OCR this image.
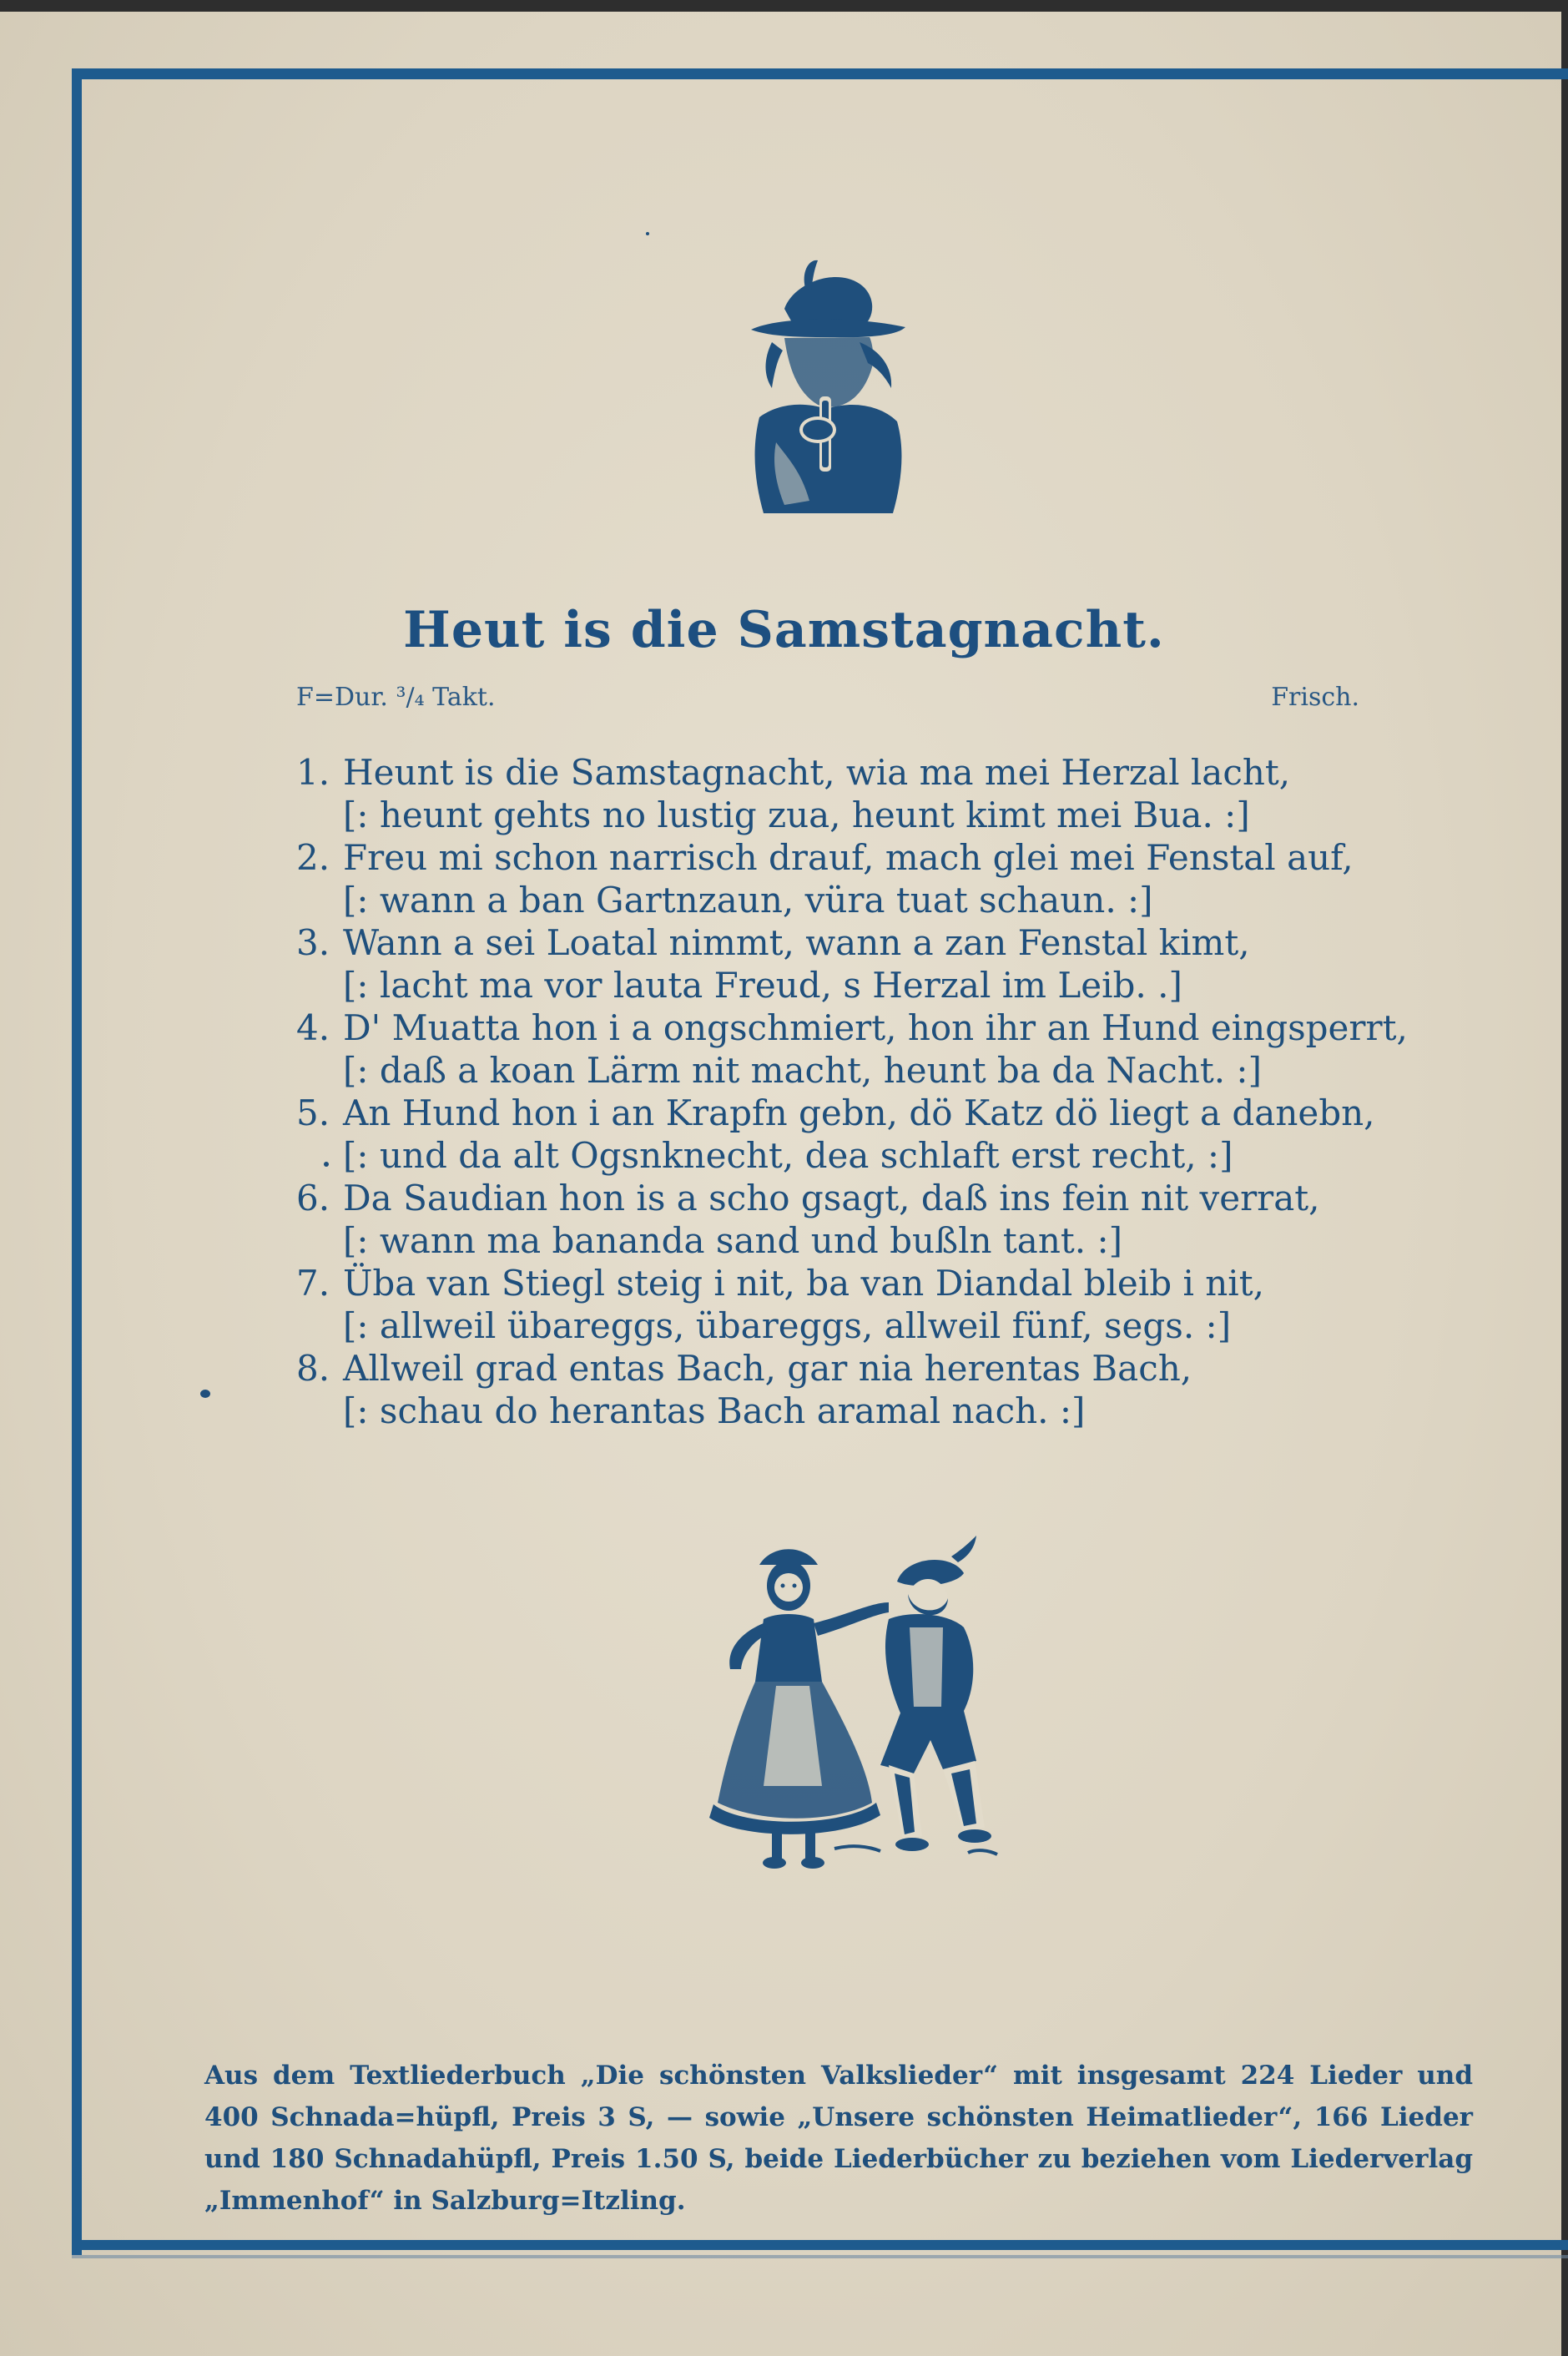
Heut is die Samstagnacht.
F=Dur. ³/₄ Takt.	Frisch.
1. Heunt is die Samstagnacht, wia ma mei Herzal lacht,
[: heunt gehts no lustig zua, heunt kimt mei Bua. :]
2. Freu mi schon narrisch drauf, mach glei mei Fenstal auf,
[: wann a ban Gartnzaun, vüra tuat schaun. :]
3. Wann a sei Loatal nimmt, wann a zan Fenstal kimt,
[: lacht ma vor lauta Freud, s Herzal im Leib. .]
4. D' Muatta hon i a ongschmiert, hon ihr an Hund eingsperrt,
[: daß a koan Lärm nit macht, heunt ba da Nacht. :]
5. An Hund hon i an Krapfn gebn, dö Katz dö liegt a danebn,
[: und da alt Ogsnknecht, dea schlaft erst recht, :]
6. Da Saudian hon is a scho gsagt, daß ins fein nit verrat,
[: wann ma bananda sand und bußln tant. :]
7. Üba van Stiegl steig i nit, ba van Diandal bleib i nit,
[: allweil übareggs, übareggs, allweil fünf, segs. :]
8. Allweil grad entas Bach, gar nia herentas Bach,
[: schau do herantas Bach aramal nach. :]
Aus dem Textliederbuch „Die schönsten Valkslieder“ mit insgesamt 224 Lieder und 400 Schnada=hüpfl, Preis 3 S, — sowie „Unsere schönsten Heimatlieder“, 166 Lieder und 180 Schnadahüpfl, Preis 1.50 S, beide Liederbücher zu beziehen vom Liederverlag „Immenhof“ in Salzburg=Itzling.
